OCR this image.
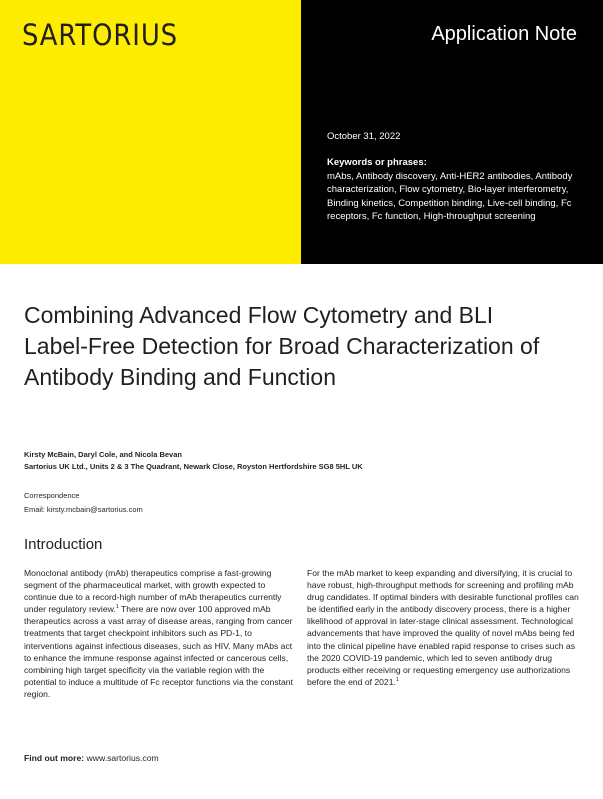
SARTORIUS	Application Note
October 31, 2022
Keywords or phrases:
mAbs, Antibody discovery, Anti-HER2 antibodies, Antibody characterization, Flow cytometry, Bio-layer interferometry, Binding kinetics, Competition binding, Live-cell binding, Fc receptors, Fc function, High-throughput screening
Combining Advanced Flow Cytometry and BLI Label-Free Detection for Broad Characterization of Antibody Binding and Function
Kirsty McBain, Daryl Cole, and Nicola Bevan
Sartorius UK Ltd., Units 2 & 3 The Quadrant, Newark Close, Royston Hertfordshire SG8 5HL UK
Correspondence
Email: kirsty.mcbain@sartorius.com
Introduction
Monoclonal antibody (mAb) therapeutics comprise a fast-growing segment of the pharmaceutical market, with growth expected to continue due to a record-high number of mAb therapeutics currently under regulatory review.$^1$ There are now over 100 approved mAb therapeutics across a vast array of disease areas, ranging from cancer treatments that target checkpoint inhibitors such as PD-1, to interventions against infectious diseases, such as HIV. Many mAbs act to enhance the immune response against infected or cancerous cells, combining high target specificity via the variable region with the potential to induce a multitude of Fc receptor functions via the constant region.
For the mAb market to keep expanding and diversifying, it is crucial to have robust, high-throughput methods for screening and profiling mAb drug candidates. If optimal binders with desirable functional profiles can be identified early in the antibody discovery process, there is a higher likelihood of approval in later-stage clinical assessment. Technological advancements that have improved the quality of novel mAbs being fed into the clinical pipeline have enabled rapid response to crises such as the 2020 COVID-19 pandemic, which led to seven antibody drug products either receiving or requesting emergency use authorizations before the end of 2021.$^1$
Find out more: www.sartorius.com
